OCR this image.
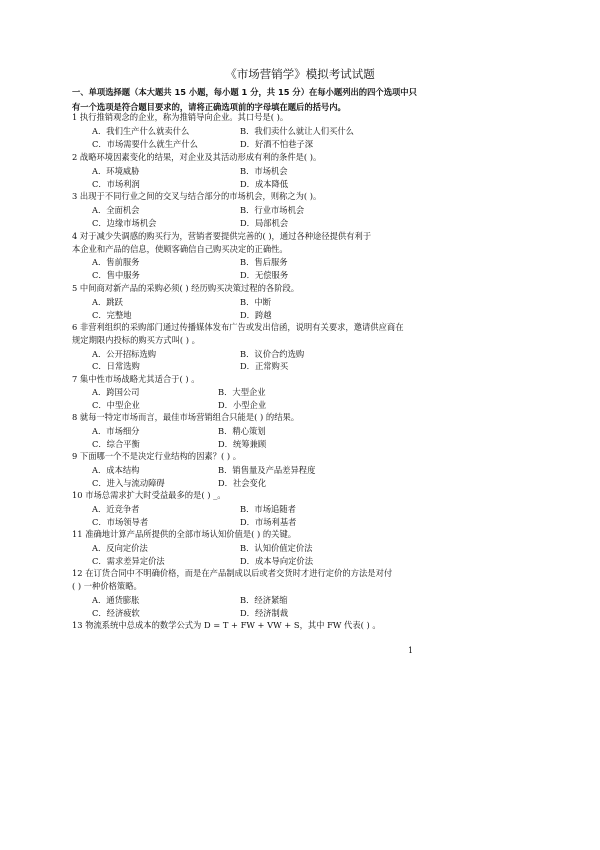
《市场营销学》模拟考试试题
一、单项选择题（本大题共 15 小题，每小题 1 分，共 15 分）在每小题列出的四个选项中只
有一个选项是符合题目要求的，请将正确选项前的字母填在题后的括号内。
1 执行推销观念的企业，称为推销导向企业。其口号是( )。
A．我们生产什么就卖什么	B．我们卖什么就让人们买什么
C．市场需要什么就生产什么	D．好酒不怕巷子深
2 战略环境因素变化的结果，对企业及其活动形成有利的条件是( )。
A．环境威胁	B．市场机会
C．市场利润	D．成本降低
3 出现于不同行业之间的交叉与结合部分的市场机会，则称之为( )。
A．全面机会	B．行业市场机会
C．边缘市场机会	D．局部机会
4 对于减少失调感的购买行为，营销者要提供完善的( )，通过各种途径提供有利于
本企业和产品的信息，使顾客确信自己购买决定的正确性。
A．售前服务	B．售后服务
C．售中服务	D．无偿服务
5 中间商对新产品的采购必须( ) 经历购买决策过程的各阶段。
A．跳跃	B．中断
C．完整地	D．跨越
6 非营利组织的采购部门通过传播媒体发布广告或发出信函，说明有关要求，邀请供应商在
规定期限内投标的购买方式叫( ) 。
A．公开招标选购	B．议价合约选购
C．日常选购	D．正常购买
7 集中性市场战略尤其适合于( ) 。
A．跨国公司	B．大型企业
C．中型企业	D．小型企业
8 就每一特定市场而言，最佳市场营销组合只能是( ) 的结果。
A．市场细分	B．精心策划
C．综合平衡	D．统筹兼顾
9 下面哪一个不是决定行业结构的因素？( ) 。
A．成本结构	B．销售量及产品差异程度
C．进入与流动障碍	D．社会变化
10 市场总需求扩大时受益最多的是( ) _。
A．近竞争者	B．市场追随者
C．市场领导者	D．市场利基者
11 准确地计算产品所提供的全部市场认知价值是( ) 的关键。
A．反向定价法	B．认知价值定价法
C．需求差异定价法	D．成本导向定价法
12 在订货合同中不明确价格，而是在产品制成以后或者交货时才进行定价的方法是对付
( ) 一种价格策略。
A．通货膨胀	B．经济紧缩
C．经济疲软	D．经济制裁
13 物流系统中总成本的数学公式为 D = T + FW + VW + S，其中 FW 代表( ) 。
1
